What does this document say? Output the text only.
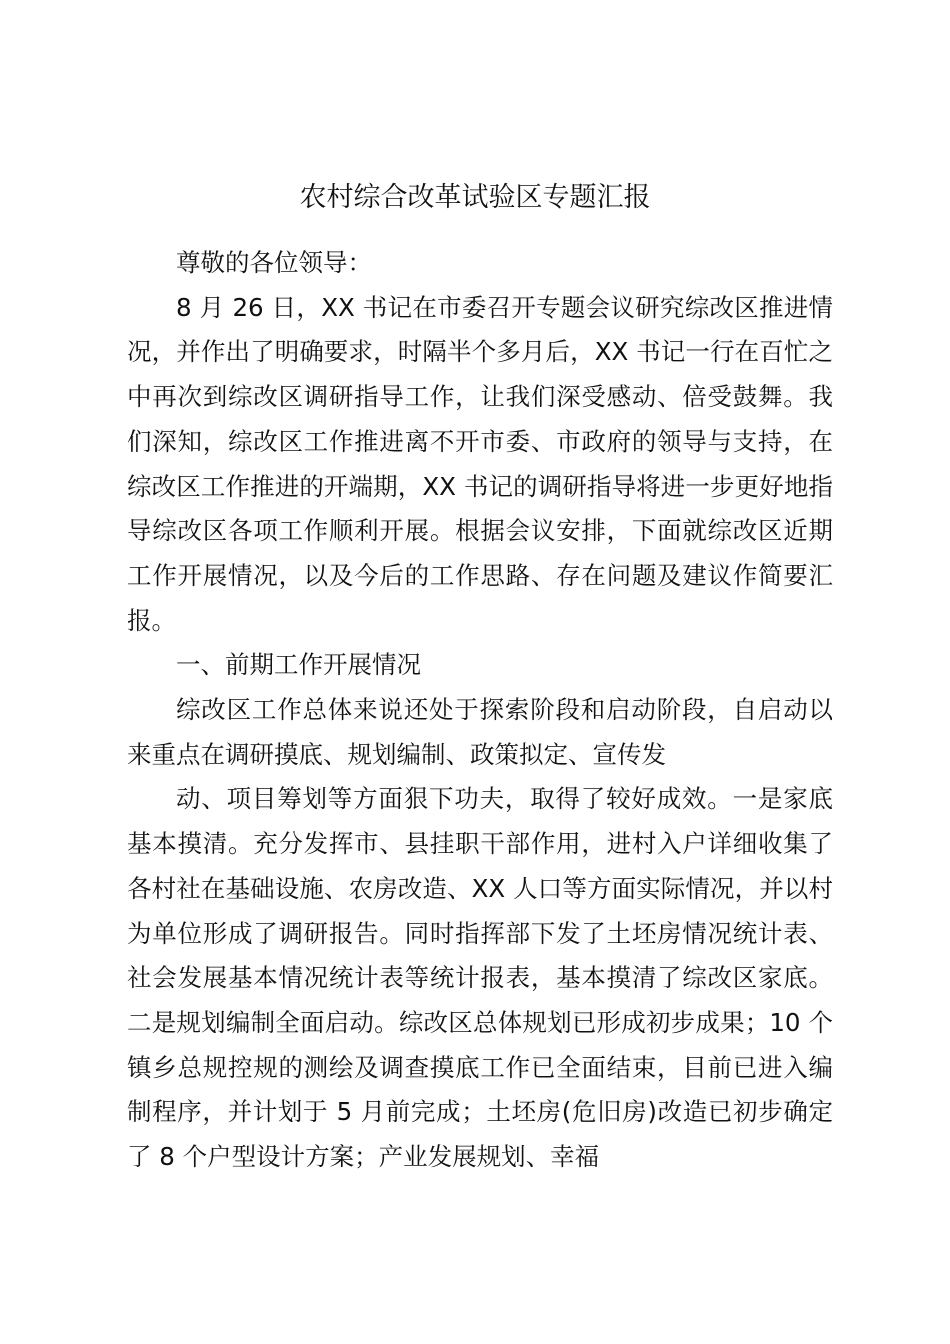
农村综合改革试验区专题汇报

尊敬的各位领导：

8 月 26 日，XX 书记在市委召开专题会议研究综改区推进情况，并作出了明确要求，时隔半个多月后，XX 书记一行在百忙之中再次到综改区调研指导工作，让我们深受感动、倍受鼓舞。我们深知，综改区工作推进离不开市委、市政府的领导与支持，在综改区工作推进的开端期，XX 书记的调研指导将进一步更好地指导综改区各项工作顺利开展。根据会议安排，下面就综改区近期工作开展情况，以及今后的工作思路、存在问题及建议作简要汇报。

一、前期工作开展情况

综改区工作总体来说还处于探索阶段和启动阶段，自启动以来重点在调研摸底、规划编制、政策拟定、宣传发

动、项目筹划等方面狠下功夫，取得了较好成效。一是家底基本摸清。充分发挥市、县挂职干部作用，进村入户详细收集了各村社在基础设施、农房改造、XX 人口等方面实际情况，并以村为单位形成了调研报告。同时指挥部下发了土坯房情况统计表、社会发展基本情况统计表等统计报表，基本摸清了综改区家底。二是规划编制全面启动。综改区总体规划已形成初步成果；10 个镇乡总规控规的测绘及调查摸底工作已全面结束，目前已进入编制程序，并计划于 5 月前完成；土坯房(危旧房)改造已初步确定了 8 个户型设计方案；产业发展规划、幸福
